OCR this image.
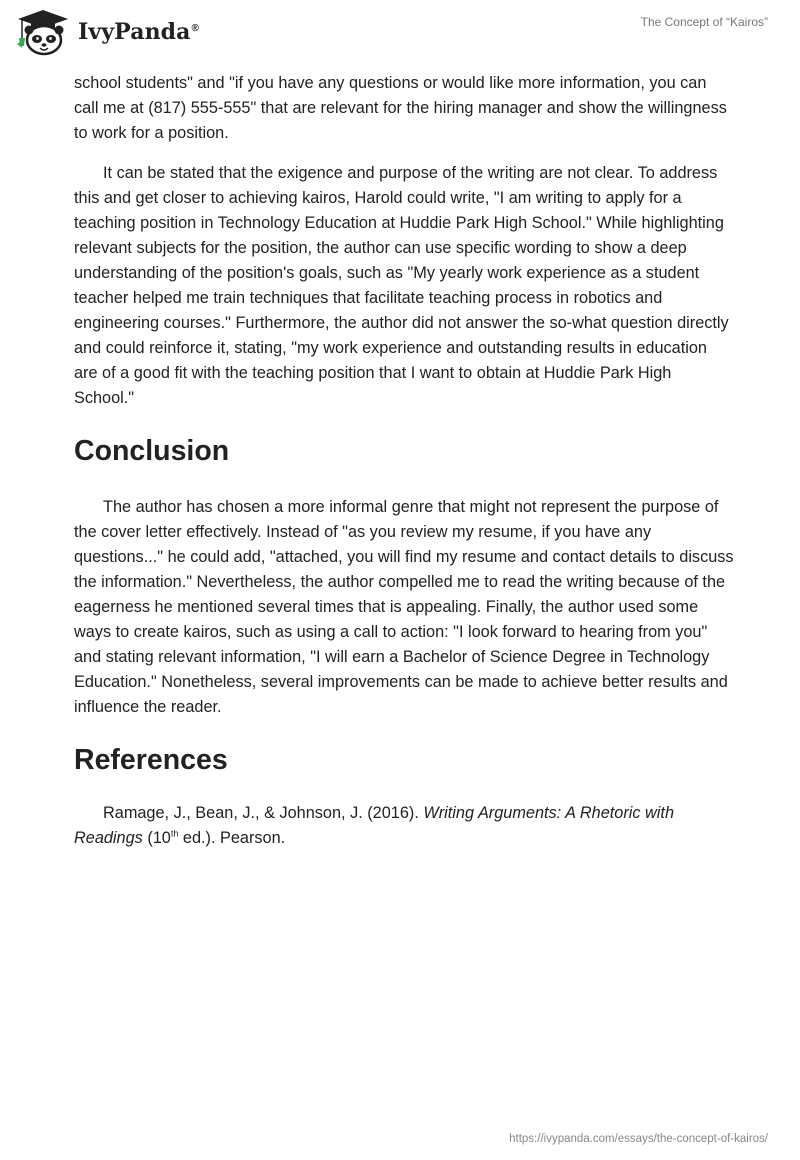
IvyPanda®	The Concept of “Kairos”

school students" and "if you have any questions or would like more information, you can call me at (817) 555-555" that are relevant for the hiring manager and show the willingness to work for a position.

It can be stated that the exigence and purpose of the writing are not clear. To address this and get closer to achieving kairos, Harold could write, "I am writing to apply for a teaching position in Technology Education at Huddie Park High School." While highlighting relevant subjects for the position, the author can use specific wording to show a deep understanding of the position's goals, such as "My yearly work experience as a student teacher helped me train techniques that facilitate teaching process in robotics and engineering courses." Furthermore, the author did not answer the so-what question directly and could reinforce it, stating, "my work experience and outstanding results in education are of a good fit with the teaching position that I want to obtain at Huddie Park High School."

Conclusion

The author has chosen a more informal genre that might not represent the purpose of the cover letter effectively. Instead of "as you review my resume, if you have any questions..." he could add, "attached, you will find my resume and contact details to discuss the information." Nevertheless, the author compelled me to read the writing because of the eagerness he mentioned several times that is appealing. Finally, the author used some ways to create kairos, such as using a call to action: "I look forward to hearing from you" and stating relevant information, "I will earn a Bachelor of Science Degree in Technology Education." Nonetheless, several improvements can be made to achieve better results and influence the reader.

References

Ramage, J., Bean, J., & Johnson, J. (2016). Writing Arguments: A Rhetoric with Readings (10th ed.). Pearson.

https://ivypanda.com/essays/the-concept-of-kairos/
